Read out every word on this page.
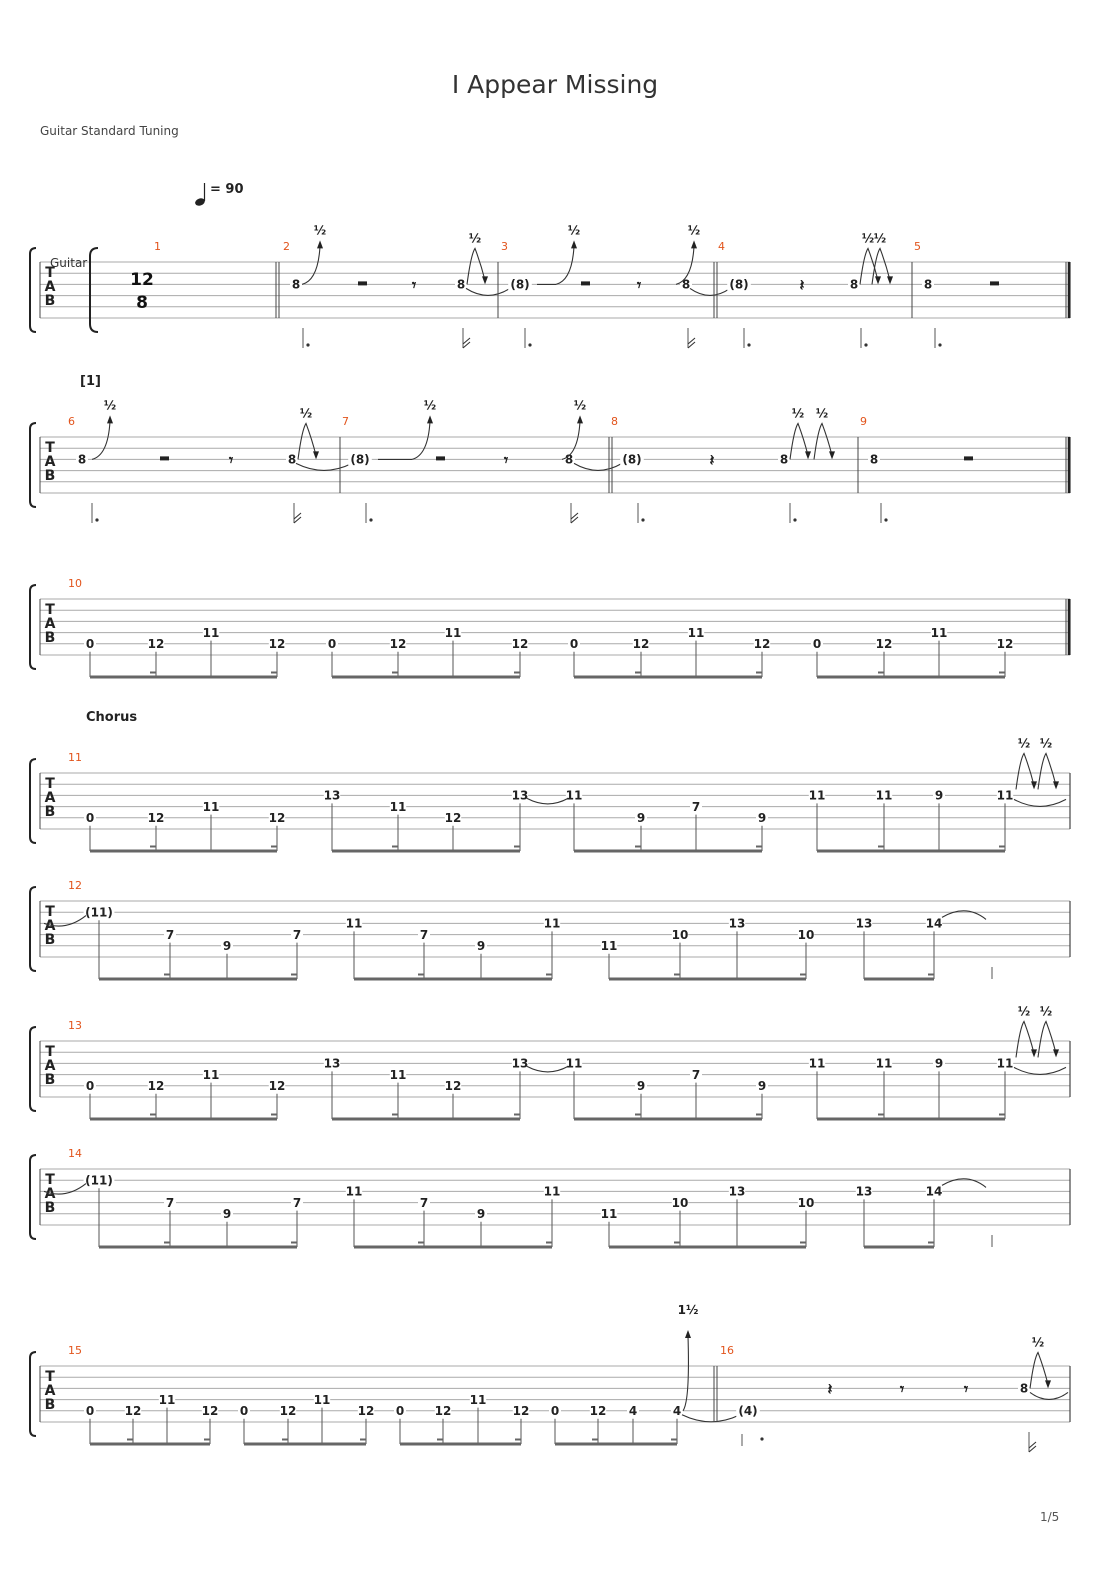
I Appear Missing
Guitar Standard Tuning
1/5
T
A
B
Guitar
= 90
12
8
1	2
8
½
𝄾	8
½
3
(8)
½
𝄾	8
½
4
(8)	𝄽	8
½ ½
5
8
T
A
B
[1]
6
8
½
𝄾	8
½
7
(8)
½
𝄾	8
½
8
(8)	𝄽	8
½ ½
9
8
T
A
B
10
0	12
11
12	0	12
11
12	0	12
11
12	0	12
11
12
Chorus
T
A
B
11
0	12
11
12
13
11
12
13	11
9
7
9
11	11	9	11
½ ½
T
A
B
12
(11)
7
9
7
11
7
9
11
11
10
13
10
13	14
T
A
B
13
0	12
11
12
13
11
12
13	11
9
7
9
11	11	9	11
½ ½
T
A
B
14
(11)
7
9
7
11
7
9
11
11
10
13
10
13	14
T
A
B
15
0	12
11
12 0	12
11
12 0	12
11
12 0	12 4	4
1½
16
(4)
𝄽	𝄾	𝄾	8
½
